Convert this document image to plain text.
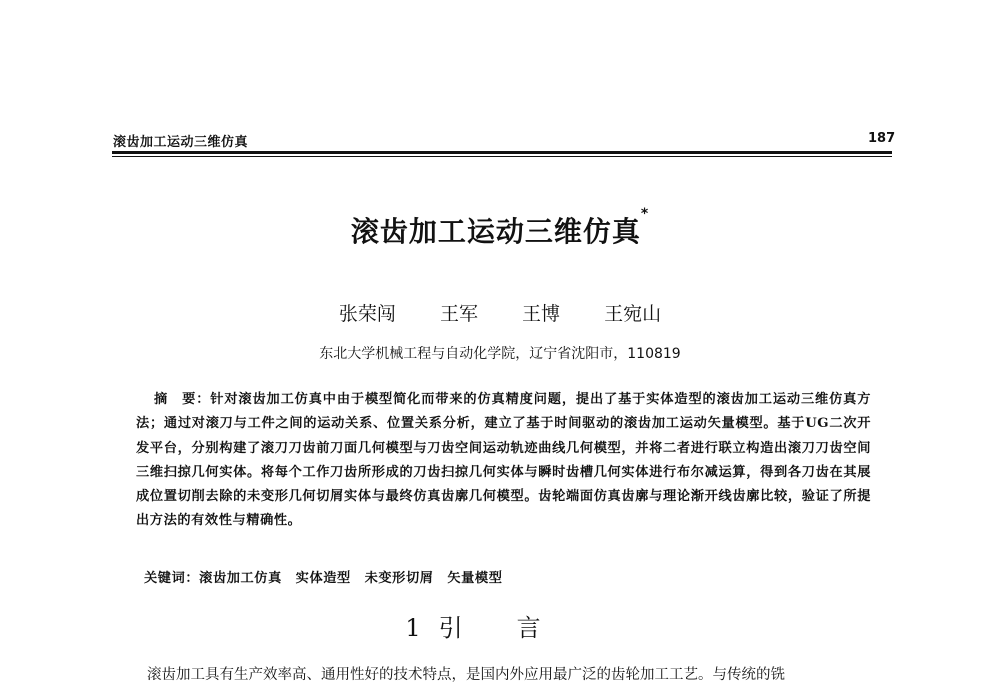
滚齿加工运动三维仿真	187
滚齿加工运动三维仿真*
张荣闯 王军 王博 王宛山
东北大学机械工程与自动化学院，辽宁省沈阳市，110819
摘　要：针对滚齿加工仿真中由于模型简化而带来的仿真精度问题，提出了基于实体造型的滚齿加工运动三维仿真方法；通过对滚刀与工件之间的运动关系、位置关系分析，建立了基于时间驱动的滚齿加工运动矢量模型。基于UG二次开发平台，分别构建了滚刀刀齿前刀面几何模型与刀齿空间运动轨迹曲线几何模型，并将二者进行联立构造出滚刀刀齿空间三维扫掠几何实体。将每个工作刀齿所形成的刀齿扫掠几何实体与瞬时齿槽几何实体进行布尔减运算，得到各刀齿在其展成位置切削去除的未变形几何切屑实体与最终仿真齿廓几何模型。齿轮端面仿真齿廓与理论渐开线齿廓比较，验证了所提出方法的有效性与精确性。
关键词：滚齿加工仿真　实体造型　未变形切屑　矢量模型
1 引言
滚齿加工具有生产效率高、通用性好的技术特点，是国内外应用最广泛的齿轮加工工艺。与传统的铣
